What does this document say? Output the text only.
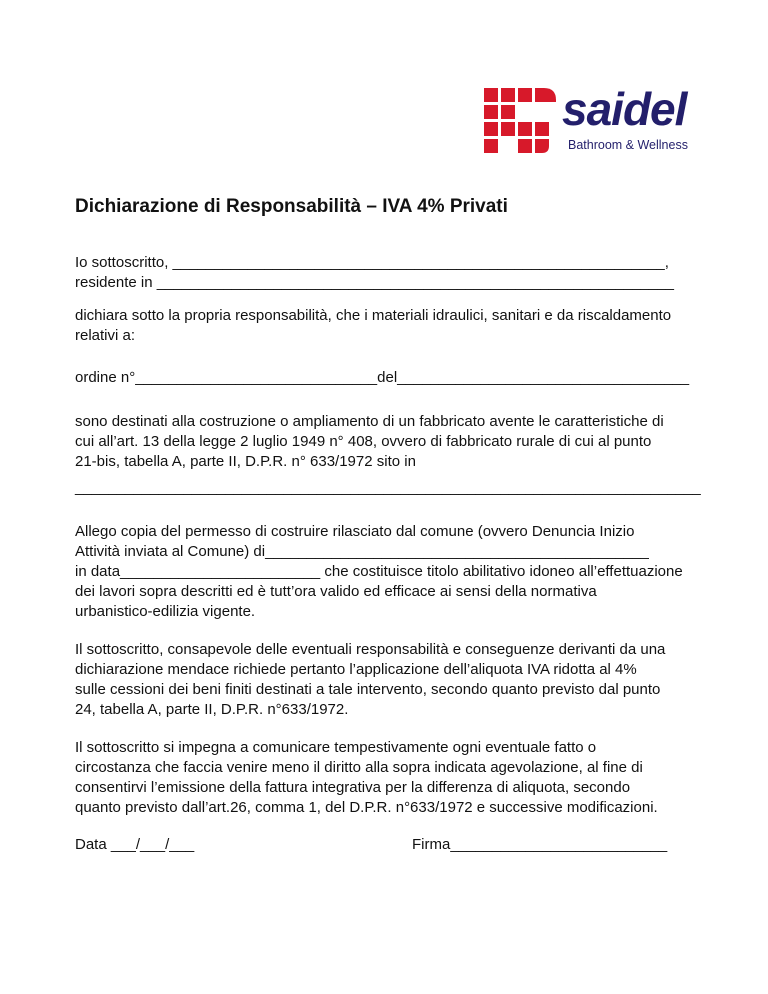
saidel
Bathroom & Wellness
Dichiarazione di Responsabilità – IVA 4% Privati
Io sottoscritto, ___________________________________________________________,
residente in ______________________________________________________________
dichiara sotto la propria responsabilità, che i materiali idraulici, sanitari e da riscaldamento
relativi a:
ordine n°_____________________________del___________________________________
sono destinati alla costruzione o ampliamento di un fabbricato avente le caratteristiche di
cui all’art. 13 della legge 2 luglio 1949 n° 408, ovvero di fabbricato rurale di cui al punto
21-bis, tabella A, parte II, D.P.R. n° 633/1972 sito in
___________________________________________________________________________
Allego copia del permesso di costruire rilasciato dal comune (ovvero Denuncia Inizio
Attività inviata al Comune) di______________________________________________
in data________________________ che costituisce titolo abilitativo idoneo all’effettuazione
dei lavori sopra descritti ed è tutt’ora valido ed efficace ai sensi della normativa
urbanistico-edilizia vigente.
Il sottoscritto, consapevole delle eventuali responsabilità e conseguenze derivanti da una
dichiarazione mendace richiede pertanto l’applicazione dell’aliquota IVA ridotta al 4%
sulle cessioni dei beni finiti destinati a tale intervento, secondo quanto previsto dal punto
24, tabella A, parte II, D.P.R. n°633/1972.
Il sottoscritto si impegna a comunicare tempestivamente ogni eventuale fatto o
circostanza che faccia venire meno il diritto alla sopra indicata agevolazione, al fine di
consentirvi l’emissione della fattura integrativa per la differenza di aliquota, secondo
quanto previsto dall’art.26, comma 1, del D.P.R. n°633/1972 e successive modificazioni.
Data ___/___/___	Firma__________________________
